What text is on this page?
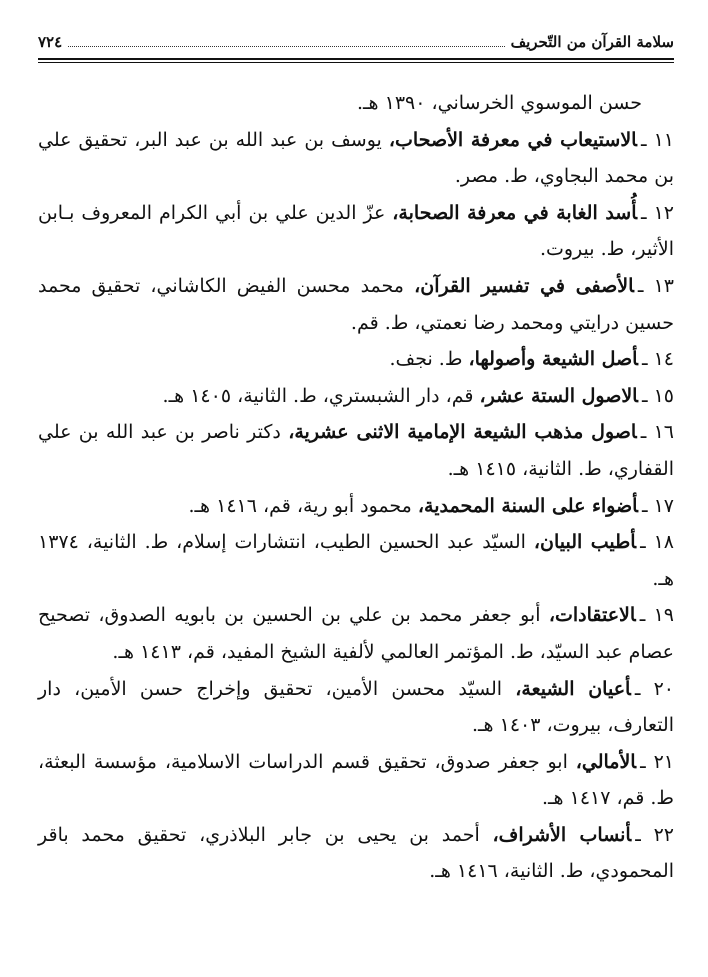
سلامة القرآن من التّحريف
٧٢٤

حسن الموسوي الخرساني، ١٣٩٠ هـ.

١١ ـالاستيعاب في معرفة الأصحاب، يوسف بن عبد الله بن عبد البر، تحقيق علي بن محمد البجاوي، ط. مصر.

١٢ ـأُسد الغابة في معرفة الصحابة، عزّ الدين علي بن أبي الكرام المعروف بـابن الأثير، ط. بيروت.

١٣ ـالأصفى في تفسير القرآن، محمد محسن الفيض الكاشاني، تحقيق محمد حسين درايتي ومحمد رضا نعمتي، ط. قم.

١٤ ـأصل الشيعة وأصولها، ط. نجف.

١٥ ـالاصول الستة عشر، قم، دار الشبستري، ط. الثانية، ١٤٠٥ هـ.

١٦ ـاصول مذهب الشيعة الإمامية الاثنى عشرية، دكتر ناصر بن عبد الله بن علي القفاري، ط. الثانية، ١٤١٥ هـ.

١٧ ـأضواء على السنة المحمدية، محمود أبو رية، قم، ١٤١٦ هـ.

١٨ ـأطيب البيان، السيّد عبد الحسين الطيب، انتشارات إسلام، ط. الثانية، ١٣٧٤ هـ.

١٩ ـالاعتقادات، أبو جعفر محمد بن علي بن الحسين بن بابويه الصدوق، تصحيح عصام عبد السيّد، ط. المؤتمر العالمي لألفية الشيخ المفيد، قم، ١٤١٣ هـ.

٢٠ ـأعيان الشيعة، السيّد محسن الأمين، تحقيق وإخراج حسن الأمين، دار التعارف، بيروت، ١٤٠٣ هـ.

٢١ ـالأمالي، ابو جعفر صدوق، تحقيق قسم الدراسات الاسلامية، مؤسسة البعثة، ط. قم، ١٤١٧ هـ.

٢٢ ـأنساب الأشراف، أحمد بن يحيى بن جابر البلاذري، تحقيق محمد باقر المحمودي، ط. الثانية، ١٤١٦ هـ.
